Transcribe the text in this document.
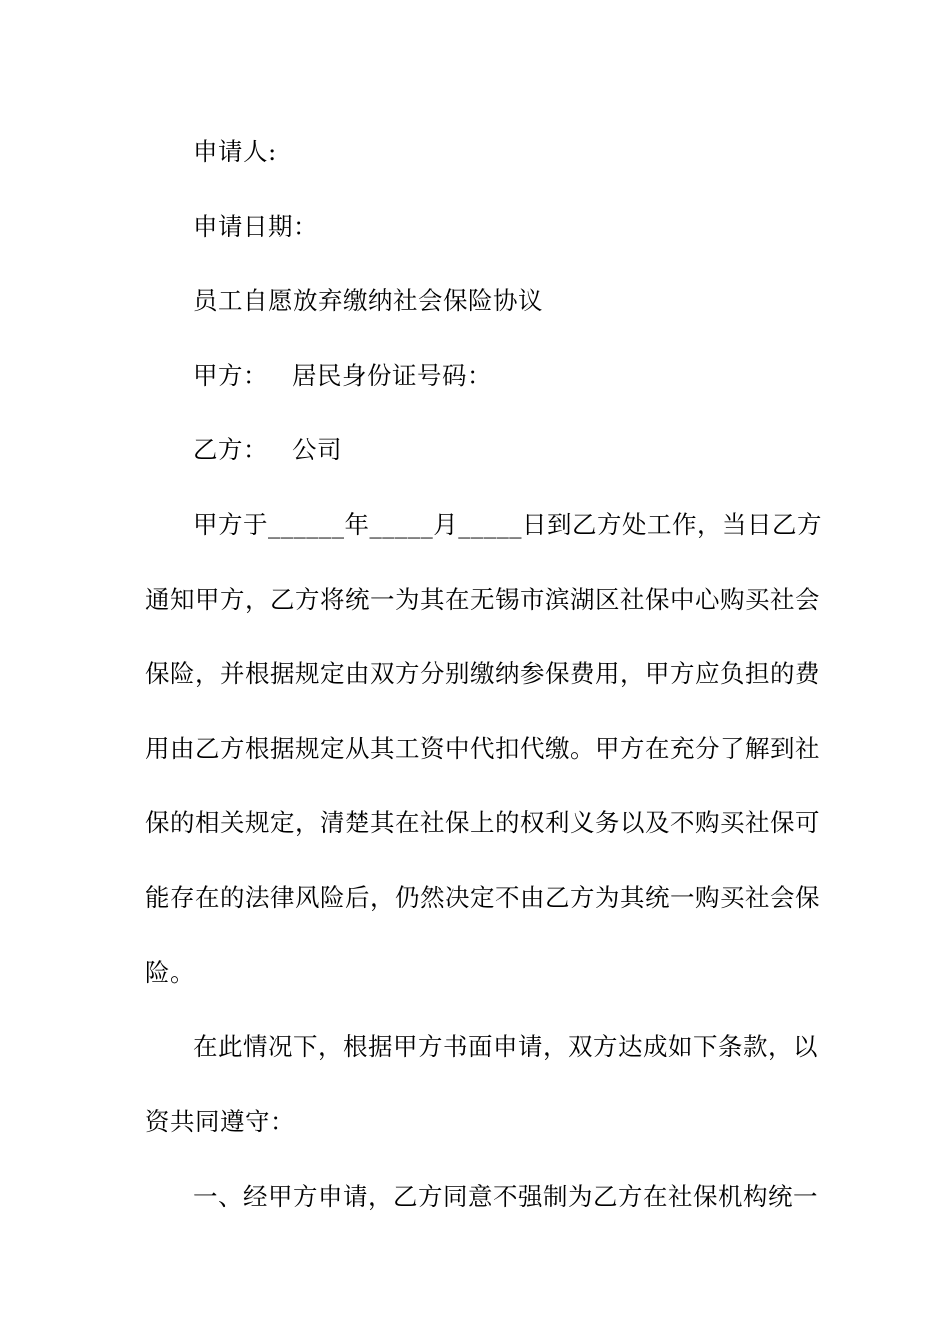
申请人:
申请日期：
员工自愿放弃缴纳社会保险协议
甲方： 居民身份证号码：
乙方： 公司
甲方于______年_____月_____日到乙方处工作，当日乙方
通知甲方，乙方将统一为其在无锡市滨湖区社保中心购买社会
保险，并根据规定由双方分别缴纳参保费用，甲方应负担的费
用由乙方根据规定从其工资中代扣代缴。甲方在充分了解到社
保的相关规定，清楚其在社保上的权利义务以及不购买社保可
能存在的法律风险后，仍然决定不由乙方为其统一购买社会保
险。
在此情况下，根据甲方书面申请，双方达成如下条款，以
资共同遵守：
一、经甲方申请，乙方同意不强制为乙方在社保机构统一
